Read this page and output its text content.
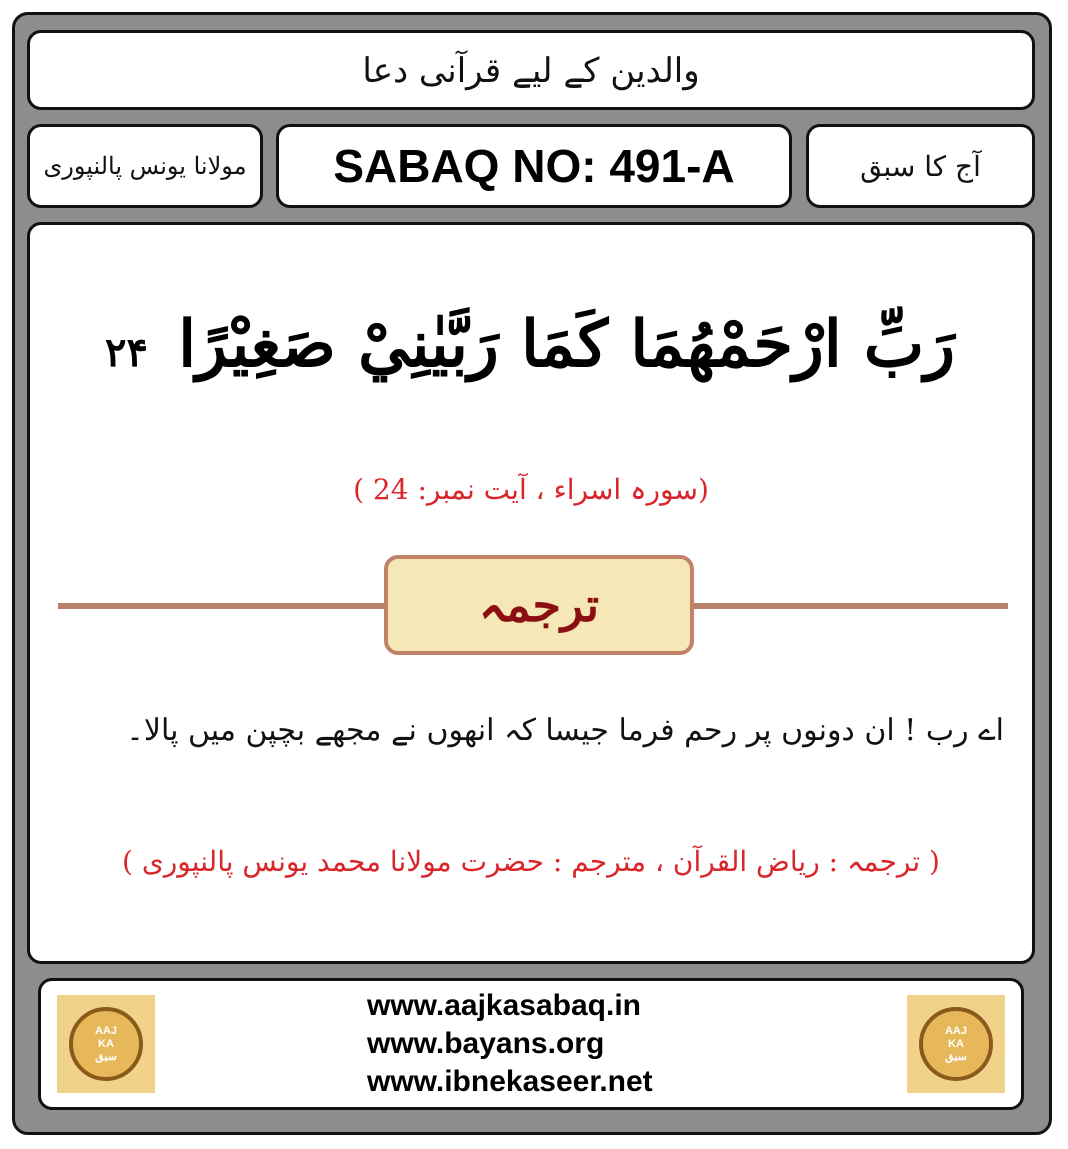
والدین کے لیے قرآنی دعا
مولانا یونس پالنپوری SABAQ NO: 491-A	آج کا سبق
رَبِّ ارْحَمْهُمَا كَمَا رَبَّيٰنِيْ صَغِيْرًا ۲۴
(سورہ اسراء ، آیت نمبر: 24 )
ترجمہ
اے رب ! ان دونوں پر رحم فرما جیسا کہ انھوں نے مجھے بچپن میں پالا۔
( ترجمہ : ریاض القرآن ، مترجم : حضرت مولانا محمد یونس پالنپوری )
AAJ
KA
سبق
www.aajkasabaq.in
www.bayans.org
www.ibnekaseer.net
AAJ
KA
سبق
